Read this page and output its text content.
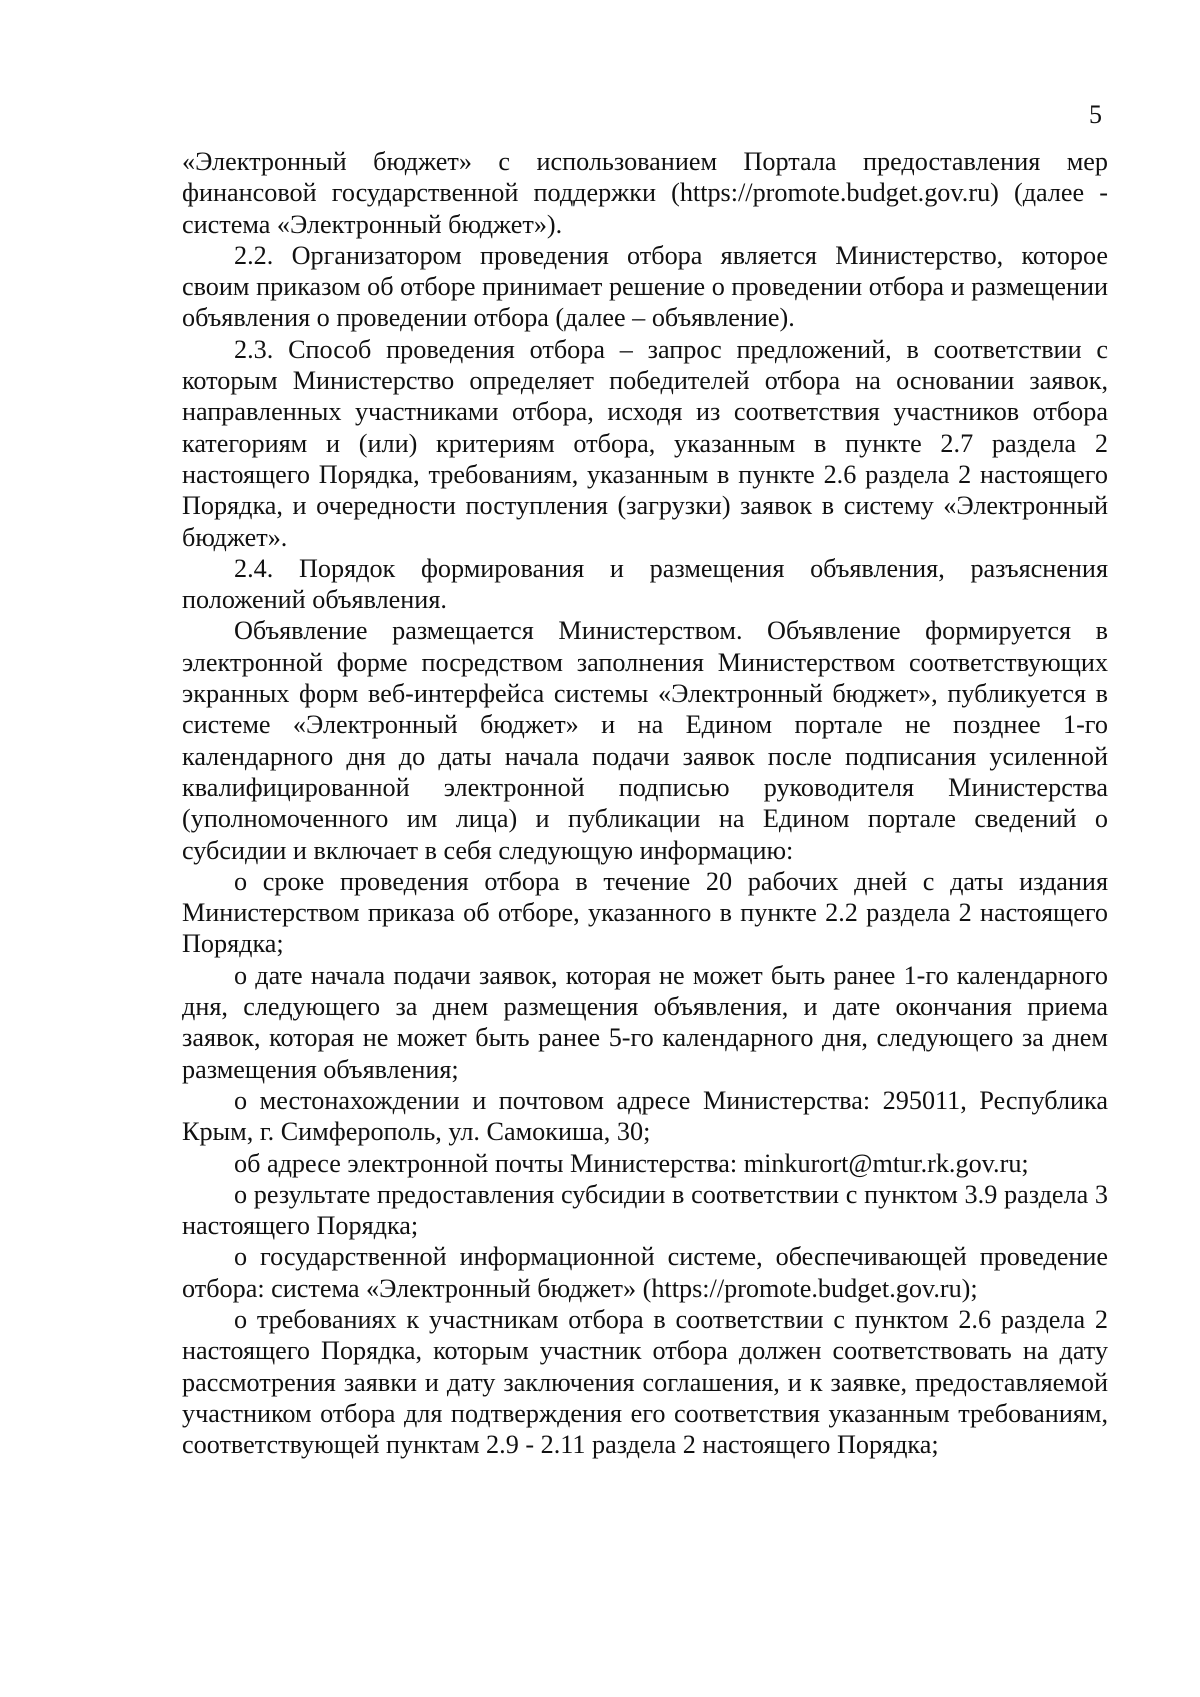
5

«Электронный бюджет» с использованием Портала предоставления мер финансовой государственной поддержки (https://promote.budget.gov.ru) (далее - система «Электронный бюджет»).

2.2. Организатором проведения отбора является Министерство, которое своим приказом об отборе принимает решение о проведении отбора и размещении объявления о проведении отбора (далее – объявление).

2.3. Способ проведения отбора – запрос предложений, в соответствии с которым Министерство определяет победителей отбора на основании заявок, направленных участниками отбора, исходя из соответствия участников отбора категориям и (или) критериям отбора, указанным в пункте 2.7 раздела 2 настоящего Порядка, требованиям, указанным в пункте 2.6 раздела 2 настоящего Порядка, и очередности поступления (загрузки) заявок в систему «Электронный бюджет».

2.4. Порядок формирования и размещения объявления, разъяснения положений объявления.

Объявление размещается Министерством. Объявление формируется в электронной форме посредством заполнения Министерством соответствующих экранных форм веб-интерфейса системы «Электронный бюджет», публикуется в системе «Электронный бюджет» и на Едином портале не позднее 1-го календарного дня до даты начала подачи заявок после подписания усиленной квалифицированной электронной подписью руководителя Министерства (уполномоченного им лица) и публикации на Едином портале сведений о субсидии и включает в себя следующую информацию:

о сроке проведения отбора в течение 20 рабочих дней с даты издания Министерством приказа об отборе, указанного в пункте 2.2 раздела 2 настоящего Порядка;

о дате начала подачи заявок, которая не может быть ранее 1-го календарного дня, следующего за днем размещения объявления, и дате окончания приема заявок, которая не может быть ранее 5-го календарного дня, следующего за днем размещения объявления;

о местонахождении и почтовом адресе Министерства: 295011, Республика Крым, г. Симферополь, ул. Самокиша, 30;

об адресе электронной почты Министерства: minkurort@mtur.rk.gov.ru;

о результате предоставления субсидии в соответствии с пунктом 3.9 раздела 3 настоящего Порядка;

о государственной информационной системе, обеспечивающей проведение отбора: система «Электронный бюджет» (https://promote.budget.gov.ru);

о требованиях к участникам отбора в соответствии с пунктом 2.6 раздела 2 настоящего Порядка, которым участник отбора должен соответствовать на дату рассмотрения заявки и дату заключения соглашения, и к заявке, предоставляемой участником отбора для подтверждения его соответствия указанным требованиям, соответствующей пунктам 2.9 - 2.11 раздела 2 настоящего Порядка;
